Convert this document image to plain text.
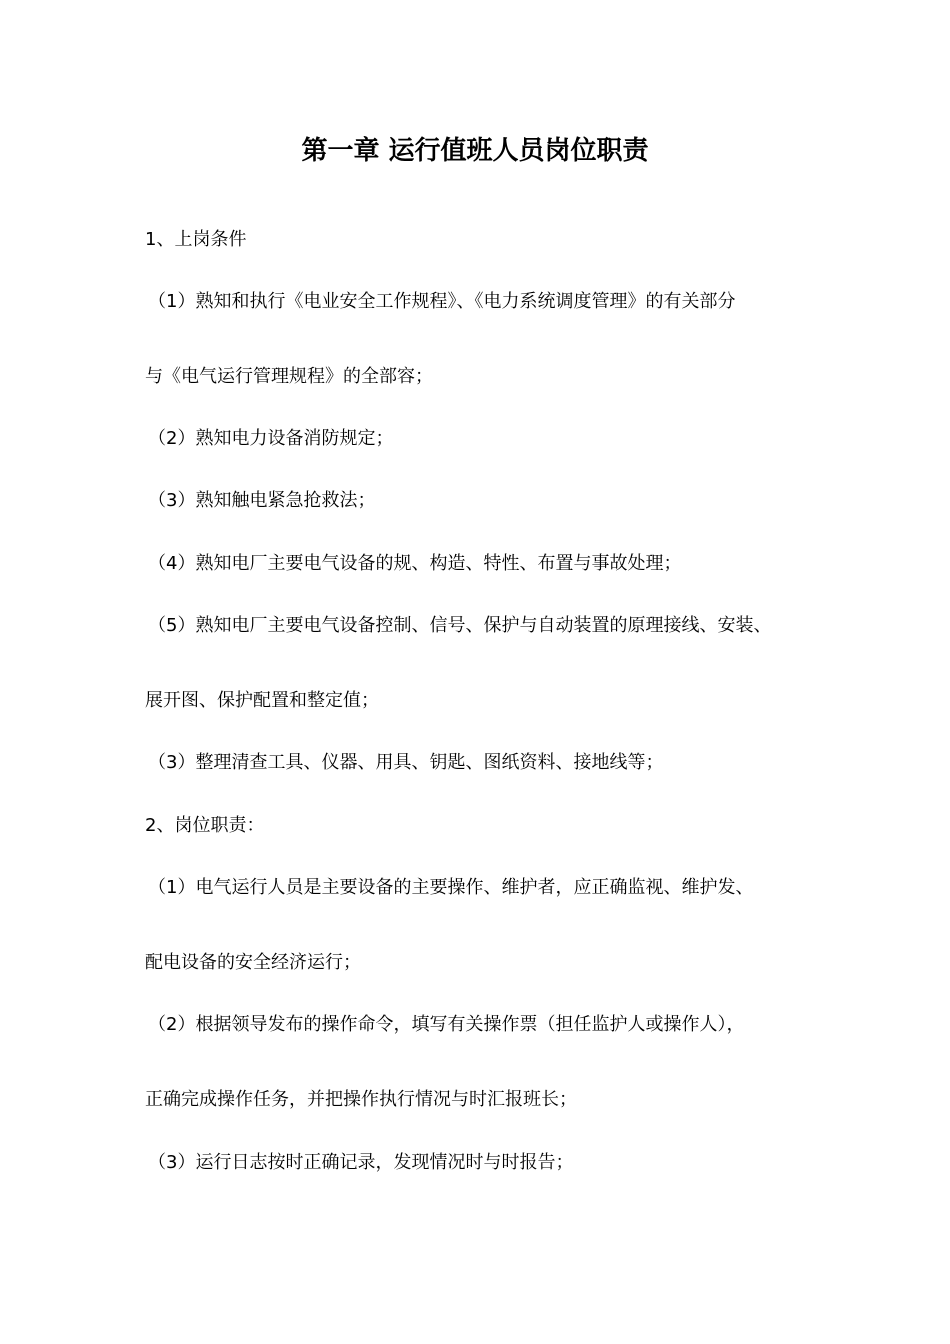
第一章 运行值班人员岗位职责
1、上岗条件
（1）熟知和执行《电业安全工作规程》、《电力系统调度管理》的有关部分
与《电气运行管理规程》的全部容；
（2）熟知电力设备消防规定；
（3）熟知触电紧急抢救法；
（4）熟知电厂主要电气设备的规、构造、特性、布置与事故处理；
（5）熟知电厂主要电气设备控制、信号、保护与自动装置的原理接线、安装、
展开图、保护配置和整定值；
（3）整理清查工具、仪器、用具、钥匙、图纸资料、接地线等；
2、岗位职责：
（1）电气运行人员是主要设备的主要操作、维护者，应正确监视、维护发、
配电设备的安全经济运行；
（2）根据领导发布的操作命令，填写有关操作票（担任监护人或操作人），
正确完成操作任务，并把操作执行情况与时汇报班长；
（3）运行日志按时正确记录，发现情况时与时报告；
